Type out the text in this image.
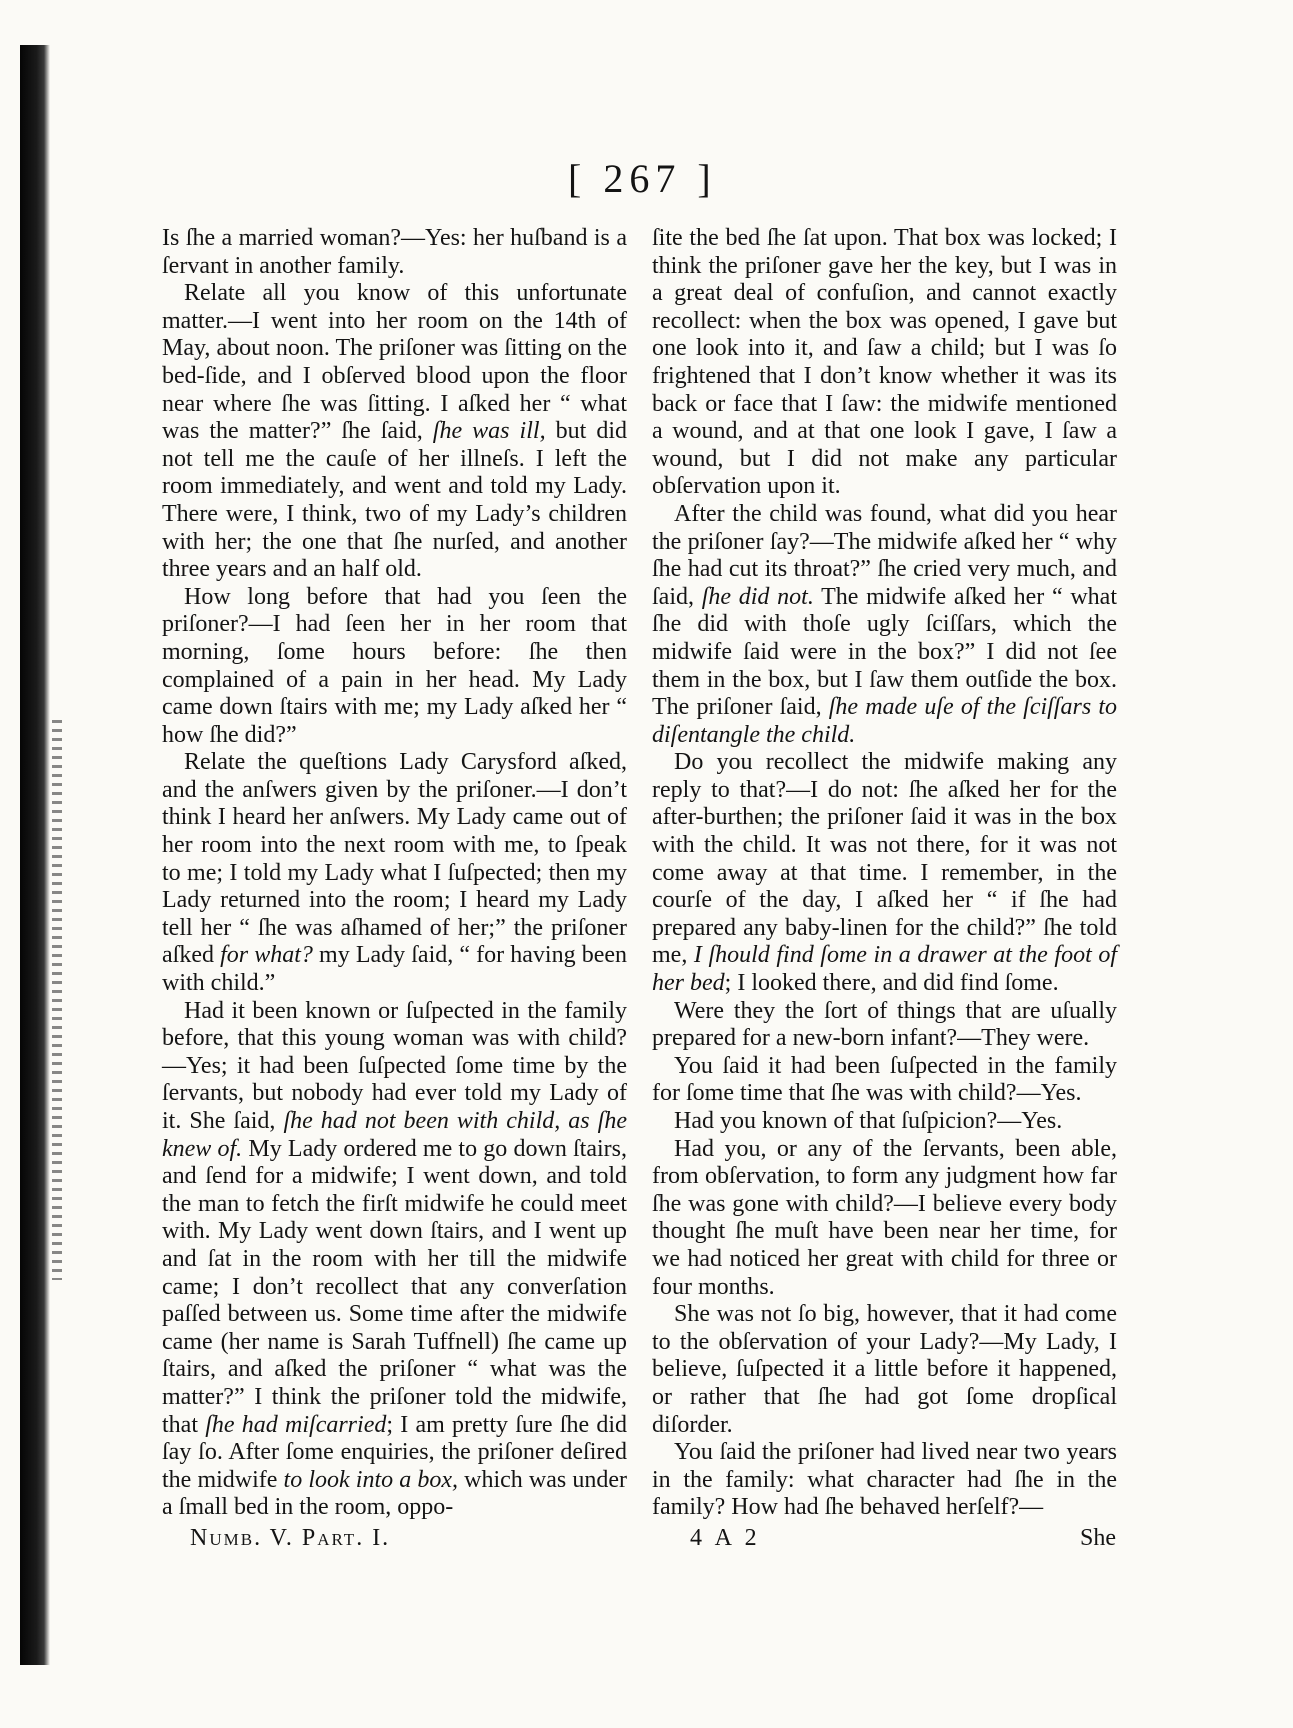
[ 267 ]

Is ſhe a married woman?—Yes: her huſband is a ſervant in another family.

Relate all you know of this unfortunate matter.—I went into her room on the 14th of May, about noon. The priſoner was ſitting on the bed-ſide, and I obſerved blood upon the floor near where ſhe was ſitting. I aſked her “ what was the matter?” ſhe ſaid, ſhe was ill, but did not tell me the cauſe of her illneſs. I left the room immediately, and went and told my Lady. There were, I think, two of my Lady’s children with her; the one that ſhe nurſed, and another three years and an half old.

How long before that had you ſeen the priſoner?—I had ſeen her in her room that morning, ſome hours before: ſhe then complained of a pain in her head. My Lady came down ſtairs with me; my Lady aſked her “ how ſhe did?”

Relate the queſtions Lady Carysford aſked, and the anſwers given by the priſoner.—I don’t think I heard her anſwers. My Lady came out of her room into the next room with me, to ſpeak to me; I told my Lady what I ſuſpected; then my Lady returned into the room; I heard my Lady tell her “ ſhe was aſhamed of her;” the priſoner aſked for what? my Lady ſaid, “ for having been with child.”

Had it been known or ſuſpected in the family before, that this young woman was with child?—Yes; it had been ſuſpected ſome time by the ſervants, but nobody had ever told my Lady of it. She ſaid, ſhe had not been with child, as ſhe knew of. My Lady ordered me to go down ſtairs, and ſend for a midwife; I went down, and told the man to fetch the firſt midwife he could meet with. My Lady went down ſtairs, and I went up and ſat in the room with her till the midwife came; I don’t recollect that any converſation paſſed between us. Some time after the midwife came (her name is Sarah Tuffnell) ſhe came up ſtairs, and aſked the priſoner “ what was the matter?” I think the priſoner told the midwife, that ſhe had miſcarried; I am pretty ſure ſhe did ſay ſo. After ſome enquiries, the priſoner deſired the midwife to look into a box, which was under a ſmall bed in the room, oppo-

ſite the bed ſhe ſat upon. That box was locked; I think the priſoner gave her the key, but I was in a great deal of confuſion, and cannot exactly recollect: when the box was opened, I gave but one look into it, and ſaw a child; but I was ſo frightened that I don’t know whether it was its back or face that I ſaw: the midwife mentioned a wound, and at that one look I gave, I ſaw a wound, but I did not make any particular obſervation upon it.

After the child was found, what did you hear the priſoner ſay?—The midwife aſked her “ why ſhe had cut its throat?” ſhe cried very much, and ſaid, ſhe did not. The midwife aſked her “ what ſhe did with thoſe ugly ſciſſars, which the midwife ſaid were in the box?” I did not ſee them in the box, but I ſaw them outſide the box. The priſoner ſaid, ſhe made uſe of the ſciſſars to diſentangle the child.

Do you recollect the midwife making any reply to that?—I do not: ſhe aſked her for the after-burthen; the priſoner ſaid it was in the box with the child. It was not there, for it was not come away at that time. I remember, in the courſe of the day, I aſked her “ if ſhe had prepared any baby-linen for the child?” ſhe told me, I ſhould find ſome in a drawer at the foot of her bed; I looked there, and did find ſome.

Were they the ſort of things that are uſually prepared for a new-born infant?—They were.

You ſaid it had been ſuſpected in the family for ſome time that ſhe was with child?—Yes.

Had you known of that ſuſpicion?—Yes.

Had you, or any of the ſervants, been able, from obſervation, to form any judgment how far ſhe was gone with child?—I believe every body thought ſhe muſt have been near her time, for we had noticed her great with child for three or four months.

She was not ſo big, however, that it had come to the obſervation of your Lady?—My Lady, I believe, ſuſpected it a little before it happened, or rather that ſhe had got ſome dropſical diſorder.

You ſaid the priſoner had lived near two years in the family: what character had ſhe in the family? How had ſhe behaved herſelf?—

Numb. V. Part. I.	4 A 2	She
